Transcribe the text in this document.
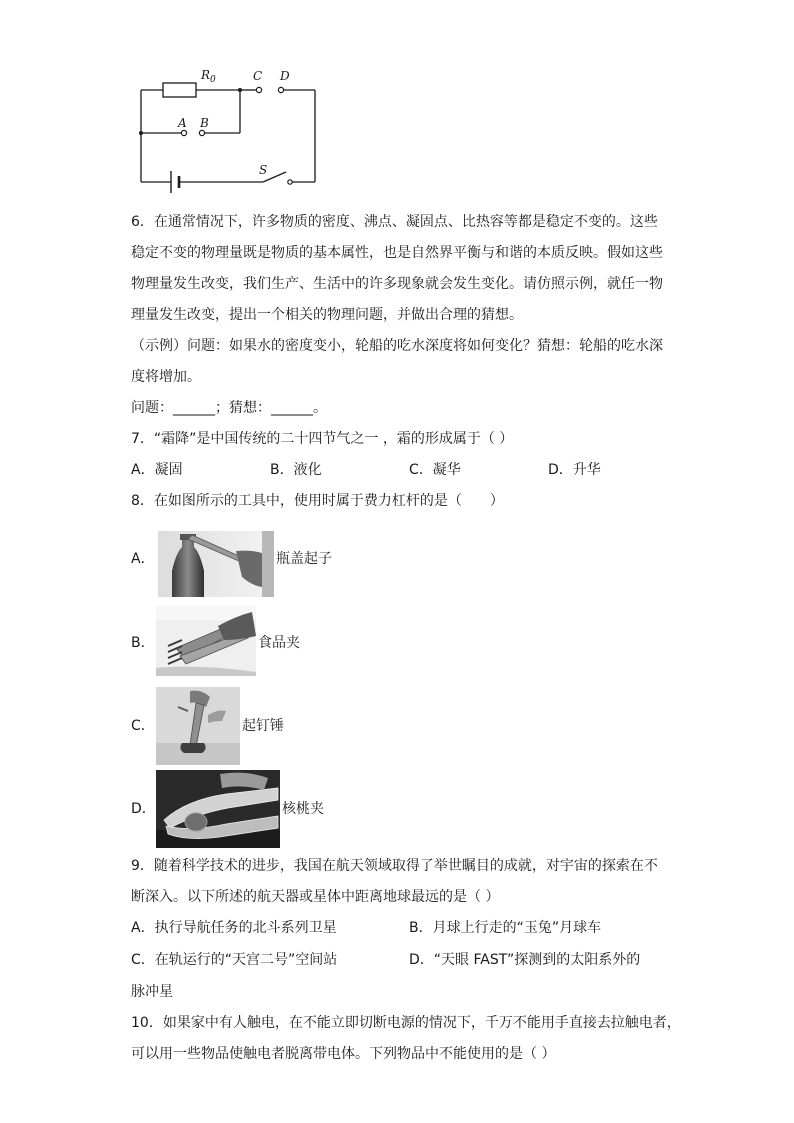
$R_0$	C D
A B
S
6．在通常情况下，许多物质的密度、沸点、凝固点、比热容等都是稳定不变的。这些
稳定不变的物理量既是物质的基本属性，也是自然界平衡与和谐的本质反映。假如这些
物理量发生改变，我们生产、生活中的许多现象就会发生变化。请仿照示例，就任一物
理量发生改变，提出一个相关的物理问题，并做出合理的猜想。
（示例）问题：如果水的密度变小，轮船的吃水深度将如何变化？猜想：轮船的吃水深
度将增加。
问题：______；猜想：______。
7．“霜降”是中国传统的二十四节气之一 ，霜的形成属于（ ）
A．凝固	B．液化	C．凝华	D．升华
8．在如图所示的工具中，使用时属于费力杠杆的是（　　）
A．	瓶盖起子
B．	食品夹
C．	起钉锤
D．	核桃夹
9．随着科学技术的进步，我国在航天领域取得了举世瞩目的成就，对宇宙的探索在不
断深入。以下所述的航天器或星体中距离地球最远的是（ ）
A．执行导航任务的北斗系列卫星	B．月球上行走的“玉兔”月球车
C．在轨运行的“天宫二号”空间站	D．“天眼 FAST”探测到的太阳系外的
脉冲星
10．如果家中有人触电，在不能立即切断电源的情况下，千万不能用手直接去拉触电者，
可以用一些物品使触电者脱离带电体。下列物品中不能使用的是（ ）
